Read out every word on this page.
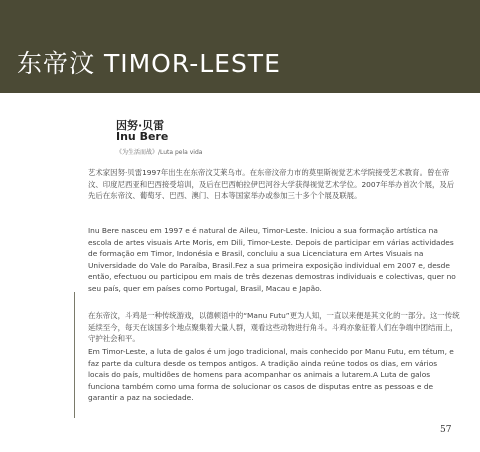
东帝汶 TIMOR-LESTE
因努·贝雷
Inu Bere
《为生活而战》/Luta pela vida
艺术家因努·贝雷1997年出生在东帝汶艾莱乌市。在东帝汶帝力市的莫里斯视觉艺术学院接受艺术教育。曾在帝汶、印度尼西亚和巴西接受培训，及后在巴西帕拉伊巴河谷大学获得视觉艺术学位。2007年举办首次个展，及后先后在东帝汶、葡萄牙、巴西、澳门、日本等国家举办或参加三十多个个展及联展。
Inu Bere nasceu em 1997 e é natural de Aileu, Timor-Leste. Iniciou a sua formação artística na escola de artes visuais Arte Moris, em Dili, Timor-Leste. Depois de participar em várias actividades de formação em Timor, Indonésia e Brasil, concluiu a sua Licenciatura em Artes Visuais na Universidade do Vale do Paraíba, Brasil.Fez a sua primeira exposição individual em 2007 e, desde então, efectuou ou participou em mais de três dezenas demostras individuais e colectivas, quer no seu país, quer em países como Portugal, Brasil, Macau e Japão.
在东帝汶，斗鸡是一种传统游戏，以德顿语中的“Manu Futu”更为人知，一直以来便是其文化的一部分。这一传统延续至今，每天在该国多个地点聚集着大量人群，观看这些动物进行角斗。斗鸡亦象征着人们在争端中团结而上，守护社会和平。
Em Timor-Leste, a luta de galos é um jogo tradicional, mais conhecido por Manu Futu, em tétum, e faz parte da cultura desde os tempos antigos. A tradição ainda reúne todos os dias, em vários locais do país, multidões de homens para acompanhar os animais a lutarem.A Luta de galos funciona também como uma forma de solucionar os casos de disputas entre as pessoas e de garantir a paz na sociedade.
57
